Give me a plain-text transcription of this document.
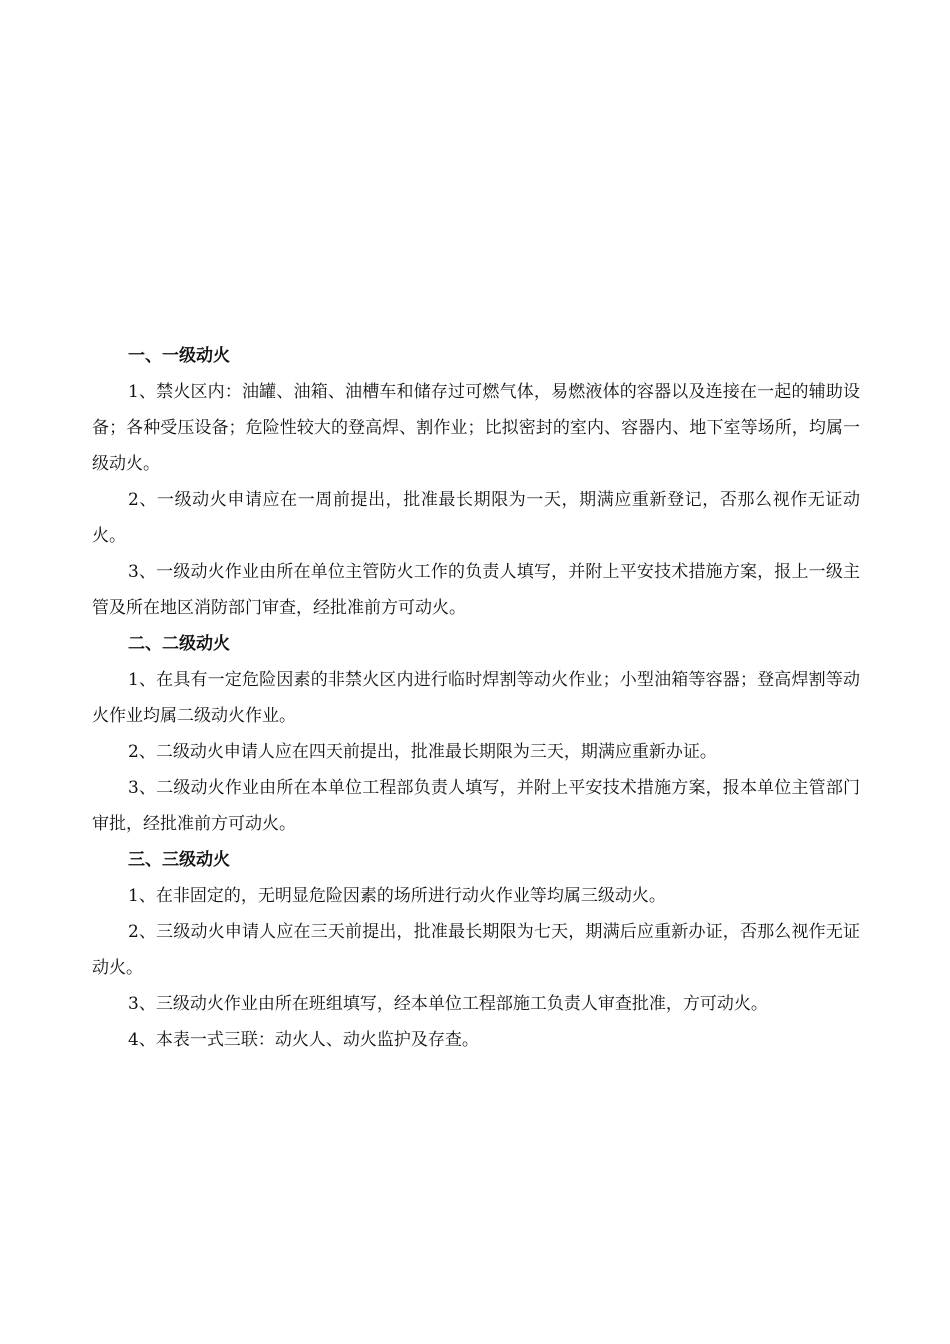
一、一级动火

1、禁火区内：油罐、油箱、油槽车和储存过可燃气体，易燃液体的容器以及连接在一起的辅助设备；各种受压设备；危险性较大的登高焊、割作业；比拟密封的室内、容器内、地下室等场所，均属一级动火。

2、一级动火申请应在一周前提出，批准最长期限为一天，期满应重新登记，否那么视作无证动火。

3、一级动火作业由所在单位主管防火工作的负责人填写，并附上平安技术措施方案，报上一级主管及所在地区消防部门审查，经批准前方可动火。

二、二级动火

1、在具有一定危险因素的非禁火区内进行临时焊割等动火作业；小型油箱等容器；登高焊割等动火作业均属二级动火作业。

2、二级动火申请人应在四天前提出，批准最长期限为三天，期满应重新办证。

3、二级动火作业由所在本单位工程部负责人填写，并附上平安技术措施方案，报本单位主管部门审批，经批准前方可动火。

三、三级动火

1、在非固定的，无明显危险因素的场所进行动火作业等均属三级动火。

2、三级动火申请人应在三天前提出，批准最长期限为七天，期满后应重新办证，否那么视作无证动火。

3、三级动火作业由所在班组填写，经本单位工程部施工负责人审查批准，方可动火。

4、本表一式三联：动火人、动火监护及存查。
